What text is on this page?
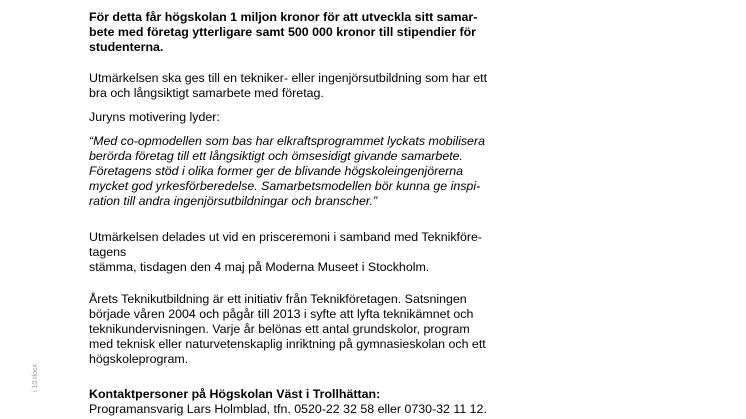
För detta får högskolan 1 miljon kronor för att utveckla sitt samar-
bete med företag ytterligare samt 500 000 kronor till stipendier för
studenterna.

Utmärkelsen ska ges till en tekniker- eller ingenjörsutbildning som har ett
bra och långsiktigt samarbete med företag.

Juryns motivering lyder:

“Med co-opmodellen som bas har elkraftsprogrammet lyckats mobilisera
berörda företag till ett långsiktigt och ömsesidigt givande samarbete.
Företagens stöd i olika former ger de blivande högskoleingenjörerna
mycket god yrkesförberedelse. Samarbetsmodellen bör kunna ge inspi-
ration till andra ingenjörsutbildningar och branscher.”

Utmärkelsen delades ut vid en prisceremoni i samband med Teknikföre-
tagens
stämma, tisdagen den 4 maj på Moderna Museet i Stockholm.

Årets Teknikutbildning är ett initiativ från Teknikföretagen. Satsningen
började våren 2004 och pågår till 2013 i syfte att lyfta teknikämnet och
teknikundervisningen. Varje år belönas ett antal grundskolor, program
med teknisk eller naturvetenskaplig inriktning på gymnasieskolan och ett
högskoleprogram.

Kontaktpersoner på Högskolan Väst i Trollhättan:
Programansvarig Lars Holmblad, tfn. 0520-22 32 58 eller 0730-32 11 12.

i 10.docx
